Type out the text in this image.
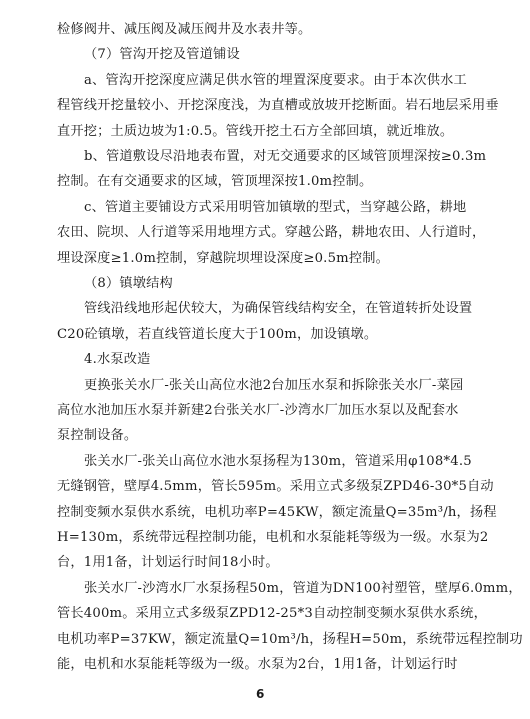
检修阀井、减压阀及减压阀井及水表井等。
（7）管沟开挖及管道铺设
a、管沟开挖深度应满足供水管的埋置深度要求。由于本次供水工
程管线开挖量较小、开挖深度浅，为直槽或放坡开挖断面。岩石地层采用垂
直开挖；土质边坡为1:0.5。管线开挖土石方全部回填，就近堆放。
b、管道敷设尽沿地表布置，对无交通要求的区域管顶埋深按≥0.3m
控制。在有交通要求的区域，管顶埋深按1.0m控制。
c、管道主要铺设方式采用明管加镇墩的型式，当穿越公路，耕地
农田、院坝、人行道等采用地埋方式。穿越公路，耕地农田、人行道时，
埋设深度≥1.0m控制，穿越院坝埋设深度≥0.5m控制。
（8）镇墩结构
管线沿线地形起伏较大，为确保管线结构安全，在管道转折处设置
C20砼镇墩，若直线管道长度大于100m，加设镇墩。
4.水泵改造
更换张关水厂-张关山高位水池2台加压水泵和拆除张关水厂-菜园
高位水池加压水泵并新建2台张关水厂-沙湾水厂加压水泵以及配套水
泵控制设备。
张关水厂-张关山高位水池水泵扬程为130m，管道采用φ108*4.5
无缝钢管，壁厚4.5mm，管长595m。采用立式多级泵ZPD46-30*5自动
控制变频水泵供水系统，电机功率P=45KW，额定流量Q=35m³/h，扬程
H=130m，系统带远程控制功能，电机和水泵能耗等级为一级。水泵为2
台，1用1备，计划运行时间18小时。
6
张关水厂-沙湾水厂水泵扬程50m，管道为DN100衬塑管，壁厚6.0mm，
管长400m。采用立式多级泵ZPD12-25*3自动控制变频水泵供水系统，
电机功率P=37KW，额定流量Q=10m³/h，扬程H=50m，系统带远程控制功
能，电机和水泵能耗等级为一级。水泵为2台，1用1备，计划运行时
